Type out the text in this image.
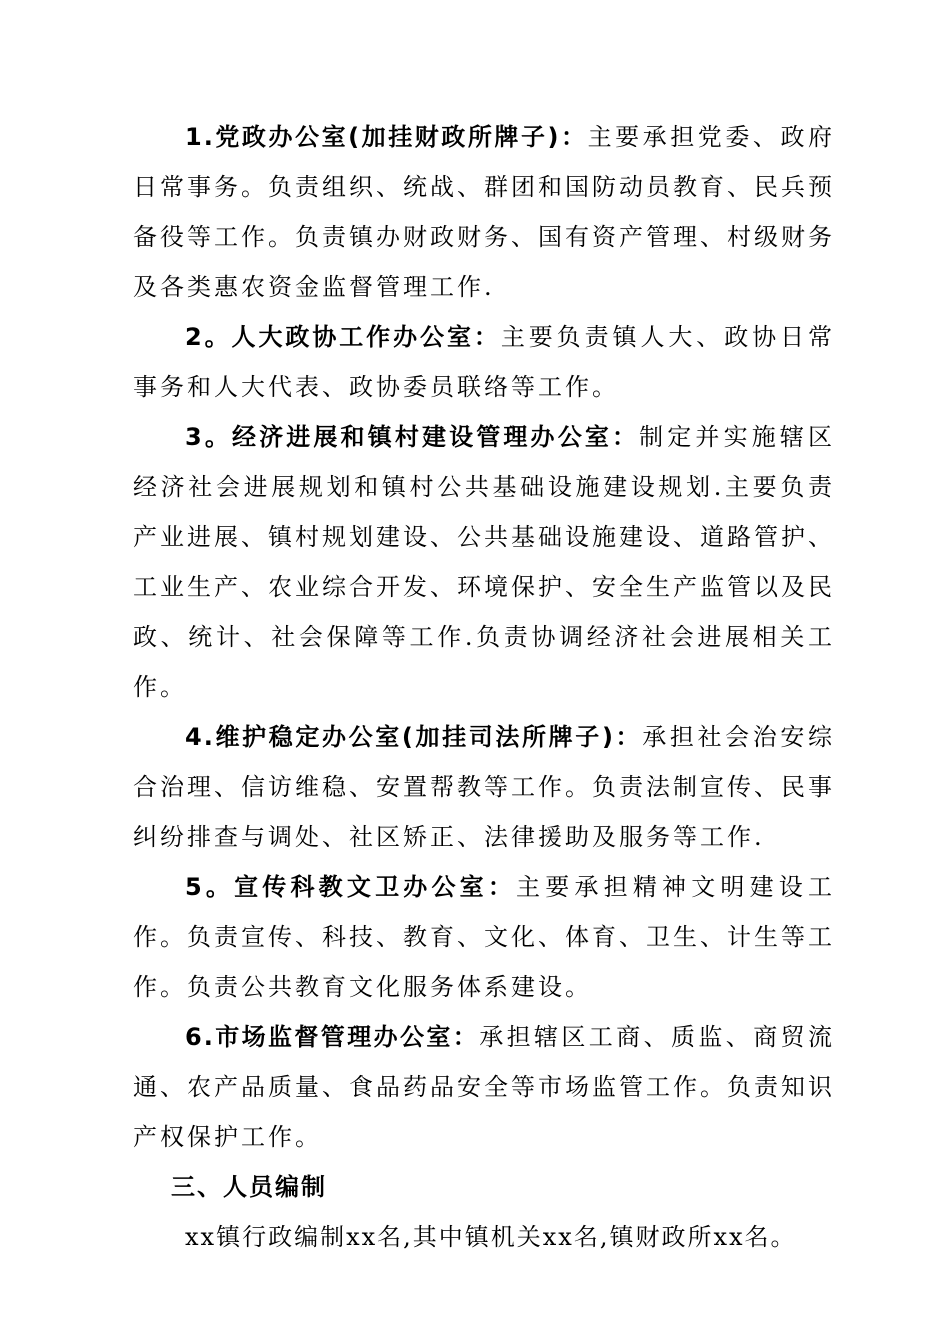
1.党政办公室(加挂财政所牌子)：主要承担党委、政府日常事务。负责组织、统战、群团和国防动员教育、民兵预备役等工作。负责镇办财政财务、国有资产管理、村级财务及各类惠农资金监督管理工作.

2。人大政协工作办公室：主要负责镇人大、政协日常事务和人大代表、政协委员联络等工作。

3。经济进展和镇村建设管理办公室：制定并实施辖区经济社会进展规划和镇村公共基础设施建设规划.主要负责产业进展、镇村规划建设、公共基础设施建设、道路管护、工业生产、农业综合开发、环境保护、安全生产监管以及民政、统计、社会保障等工作.负责协调经济社会进展相关工作。

4.维护稳定办公室(加挂司法所牌子)：承担社会治安综合治理、信访维稳、安置帮教等工作。负责法制宣传、民事纠纷排查与调处、社区矫正、法律援助及服务等工作.

5。宣传科教文卫办公室：主要承担精神文明建设工作。负责宣传、科技、教育、文化、体育、卫生、计生等工作。负责公共教育文化服务体系建设。

6.市场监督管理办公室：承担辖区工商、质监、商贸流通、农产品质量、食品药品安全等市场监管工作。负责知识产权保护工作。

三、人员编制

xx镇行政编制xx名,其中镇机关xx名,镇财政所xx名。
